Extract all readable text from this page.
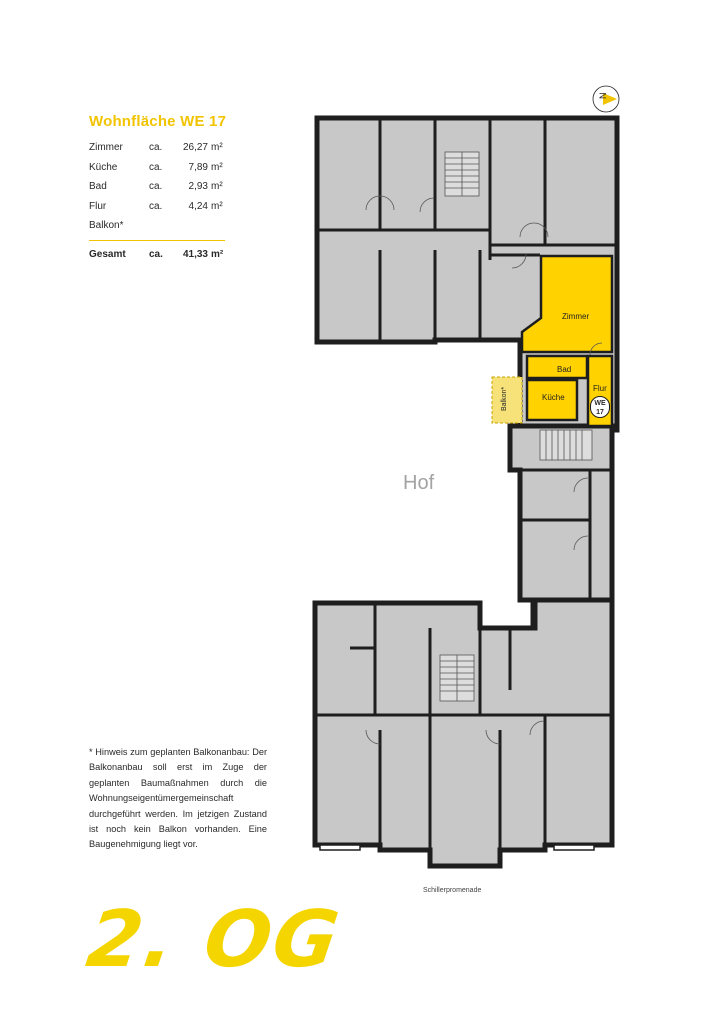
Wohnfläche WE 17
Zimmer	ca.	26,27 m²
Küche	ca.	7,89 m²
Bad	ca.	2,93 m²
Flur	ca.	4,24 m²
Balkon*
Gesamt ca.	41,33 m²
N
Zimmer
Bad
Flur
Küche
Balkon*	WE
17
Hof
Schillerpromenade
* Hinweis zum geplanten Balkonanbau: Der Balkonanbau soll erst im Zuge der geplanten Baumaßnahmen durch die Wohnungseigentümergemeinschaft durchgeführt werden. Im jetzigen Zustand ist noch kein Balkon vorhanden. Eine Baugenehmigung liegt vor.
2. OG
